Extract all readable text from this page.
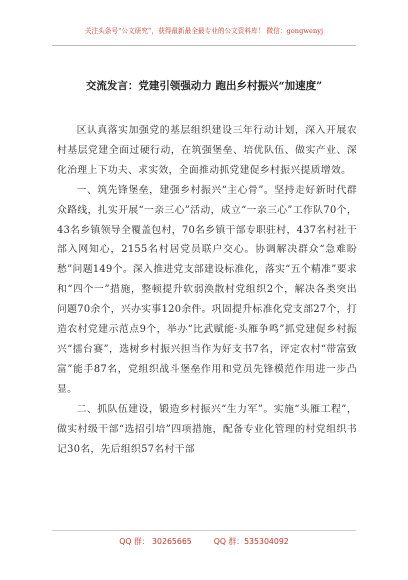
关注头条号“公文研究”，获得最新最全最专业的公文资料库！ 微信：gongwenyj
交流发言：党建引领强动力 跑出乡村振兴“加速度”

区认真落实加强党的基层组织建设三年行动计划，深入开展农村基层党建全面过硬行动，在筑强堡垒、培优队伍、做实产业、深化治理上下功夫、求实效，全面推动抓党建促乡村振兴提质增效。

一、筑先锋堡垒，建强乡村振兴“主心骨”。坚持走好新时代群众路线，扎实开展“一亲三心”活动，成立“一亲三心”工作队70个，43名乡镇领导全覆盖包村，70名乡镇干部专职驻村，437名村社干部入网知心，2155名村居党员联户交心。协调解决群众“急难盼愁”问题149个。深入推进党支部建设标准化，落实“五个精准”要求和“四个一”措施，整顿提升软弱涣散村党组织2个，解决各类突出问题70余个，兴办实事120余件。巩固提升标准化党支部27个，打造农村党建示范点9个，举办“比武赋能·头雁争鸣”抓党建促乡村振兴“擂台赛”，选树乡村振兴担当作为好支书7名，评定农村“带富致富”能手87名，党组织战斗堡垒作用和党员先锋模范作用进一步凸显。

二、抓队伍建设，锻造乡村振兴“生力军”。实施“头雁工程”，做实村级干部“选招引培”四项措施，配备专业化管理的村党组织书记30名，先后组织57名村干部

QQ 群： 30265665	QQ 群：535304092
